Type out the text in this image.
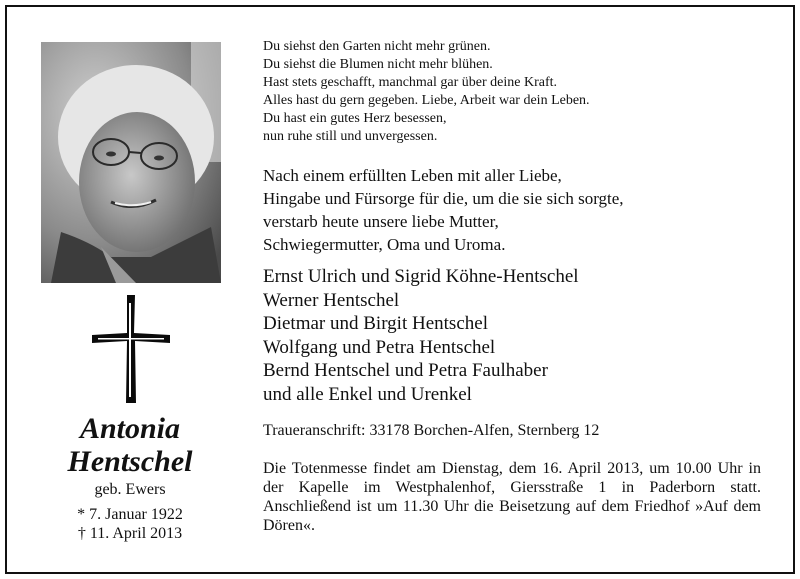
Antonia
Hentschel
geb. Ewers
* 7. Januar 1922
† 11. April 2013
Du siehst den Garten nicht mehr grünen.
Du siehst die Blumen nicht mehr blühen.
Hast stets geschafft, manchmal gar über deine Kraft.
Alles hast du gern gegeben. Liebe, Arbeit war dein Leben.
Du hast ein gutes Herz besessen,
nun ruhe still und unvergessen.
Nach einem erfüllten Leben mit aller Liebe,
Hingabe und Fürsorge für die, um die sie sich sorgte,
verstarb heute unsere liebe Mutter,
Schwiegermutter, Oma und Uroma.
Ernst Ulrich und Sigrid Köhne-Hentschel
Werner Hentschel
Dietmar und Birgit Hentschel
Wolfgang und Petra Hentschel
Bernd Hentschel und Petra Faulhaber
und alle Enkel und Urenkel
Traueranschrift: 33178 Borchen-Alfen, Sternberg 12
Die Totenmesse findet am Dienstag, dem 16. April 2013, um 10.00 Uhr in der Kapelle im Westphalenhof, Giersstraße 1 in Paderborn statt. Anschließend ist um 11.30 Uhr die Beisetzung auf dem Friedhof »Auf dem Dören«.
